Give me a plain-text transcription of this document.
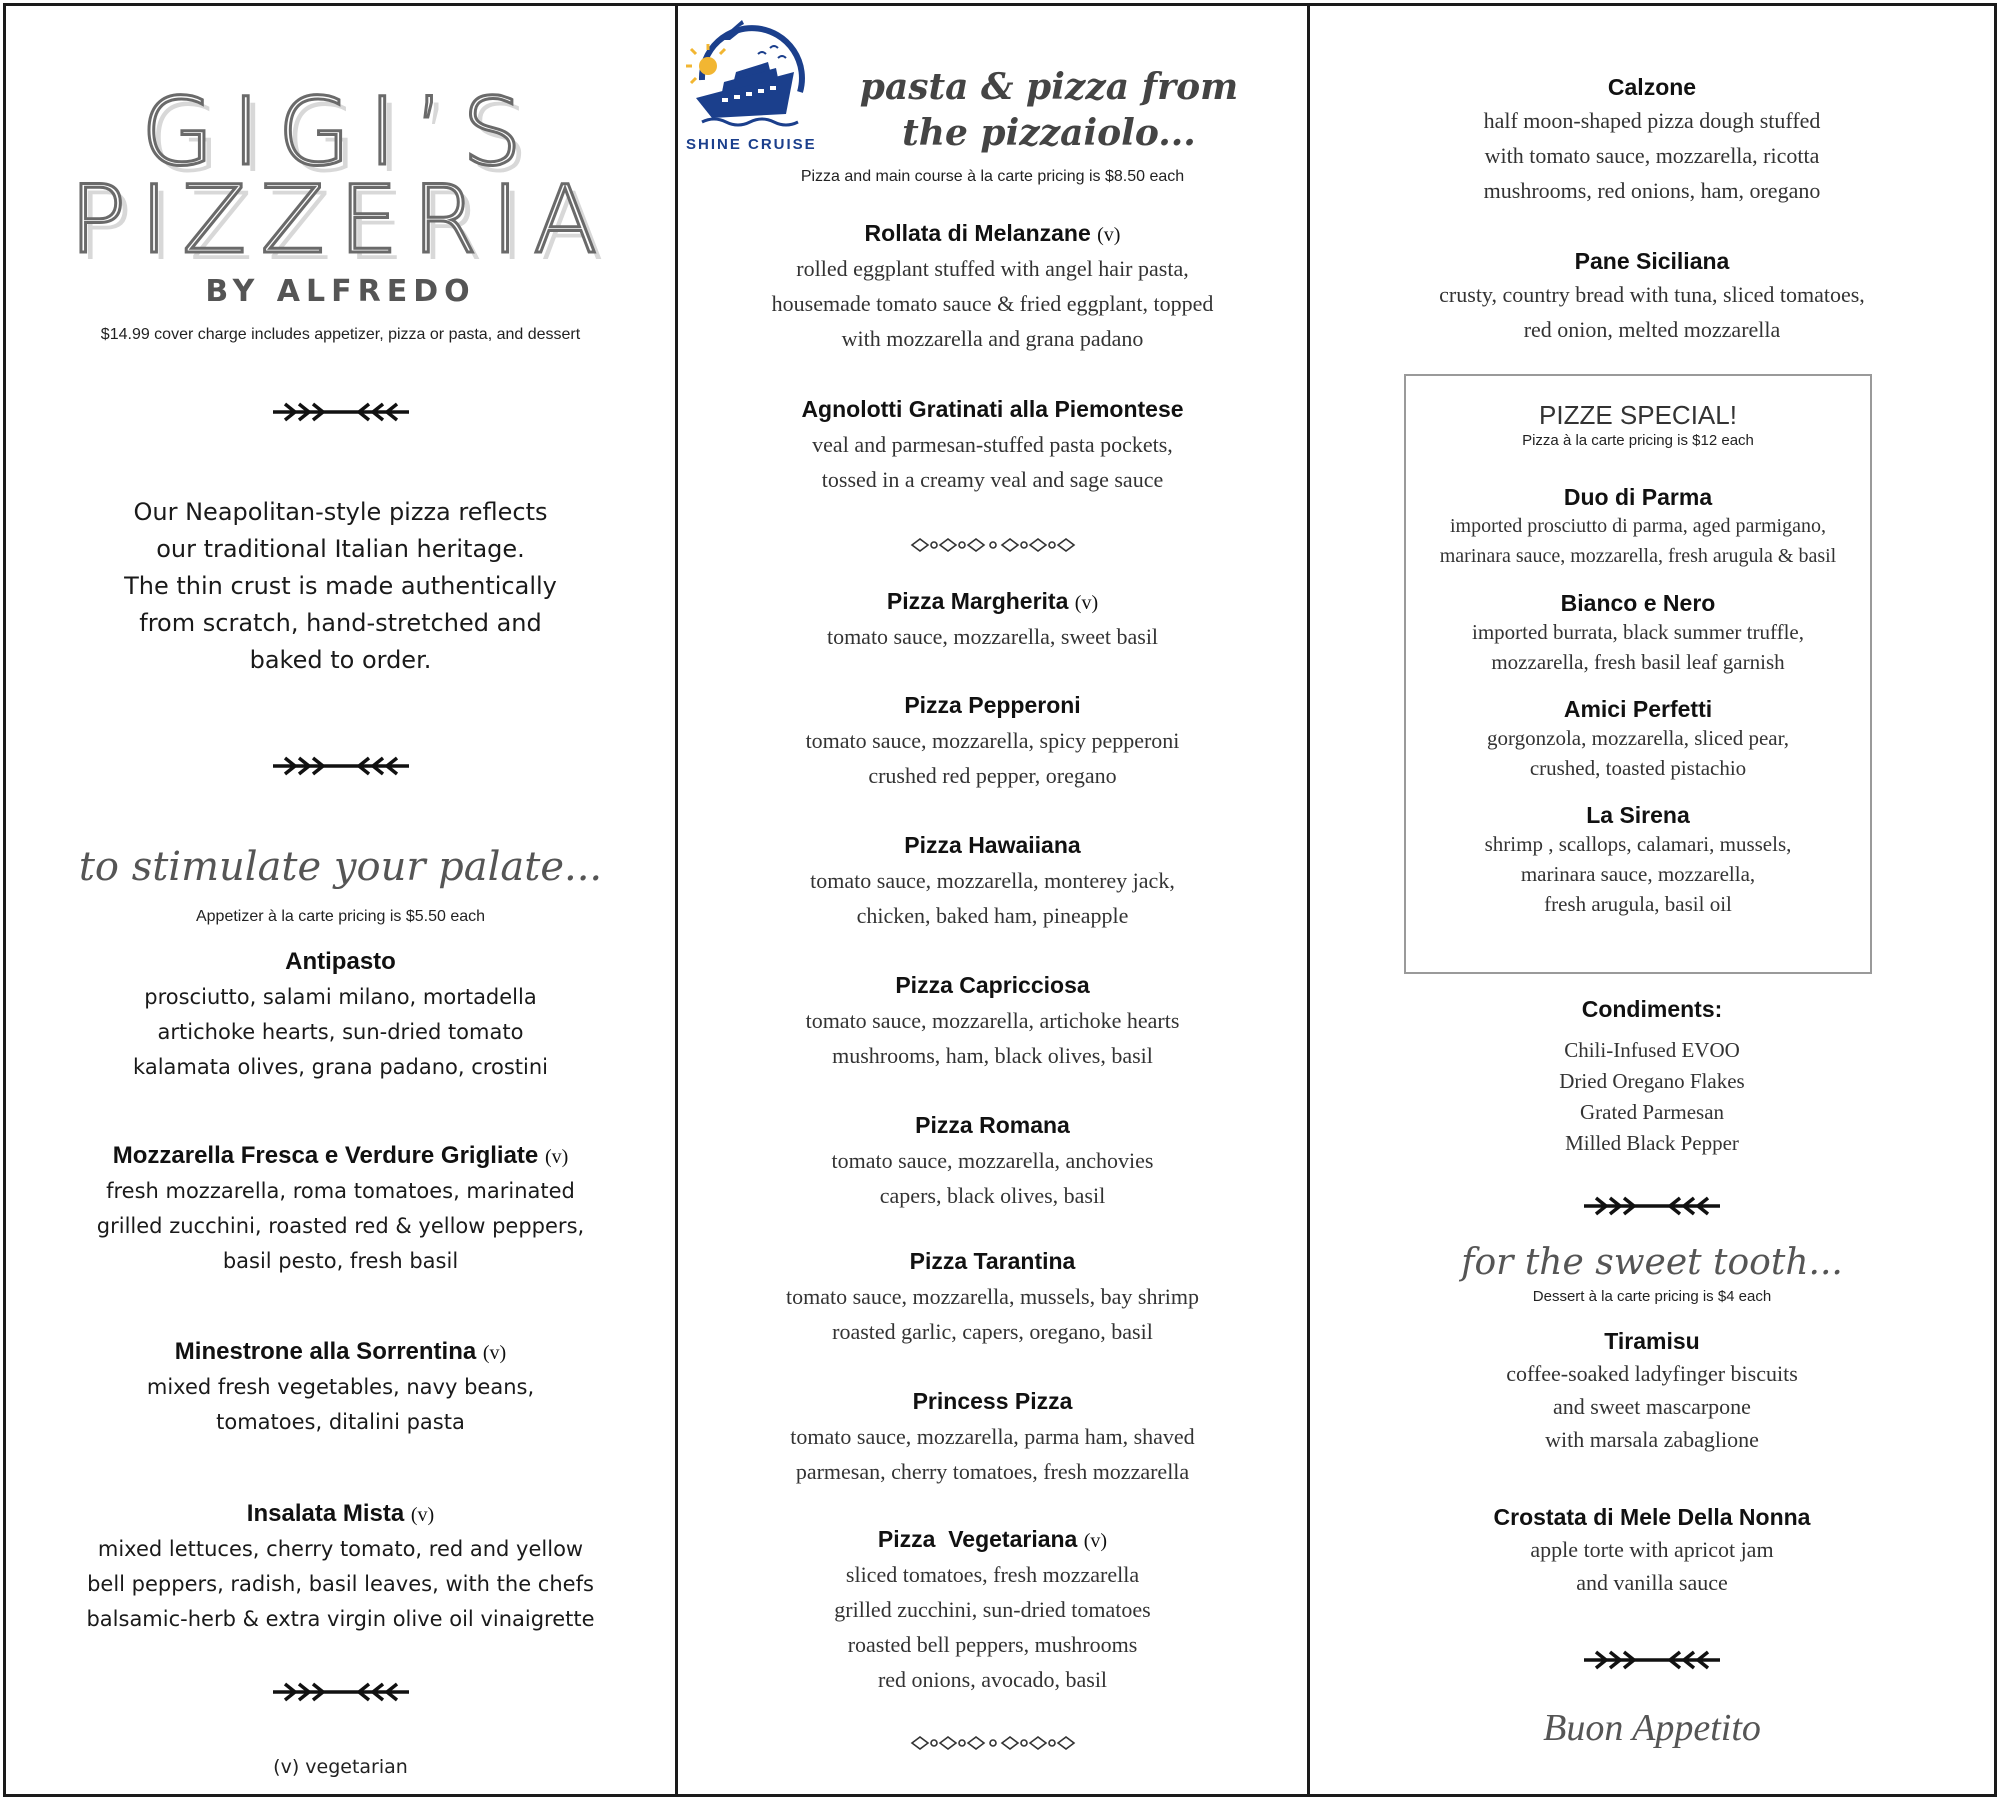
GIGI’S
PIZZERIA
BY ALFREDO
$14.99 cover charge includes appetizer, pizza or pasta, and dessert
Our Neapolitan-style pizza reflects
our traditional Italian heritage.
The thin crust is made authentically
from scratch, hand-stretched and
baked to order.
to stimulate your palate...
Appetizer à la carte pricing is $5.50 each
Antipasto
prosciutto, salami milano, mortadella
artichoke hearts, sun-dried tomato
kalamata olives, grana padano, crostini
Mozzarella Fresca e Verdure Grigliate (v)
fresh mozzarella, roma tomatoes, marinated
grilled zucchini, roasted red & yellow peppers,
basil pesto, fresh basil
Minestrone alla Sorrentina (v)
mixed fresh vegetables, navy beans,
tomatoes, ditalini pasta
Insalata Mista (v)
mixed lettuces, cherry tomato, red and yellow
bell peppers, radish, basil leaves, with the chefs
balsamic-herb & extra virgin olive oil vinaigrette
(v) vegetarian
SHINE CRUISE
pasta & pizza from
the pizzaiolo...
Pizza and main course à la carte pricing is $8.50 each
Rollata di Melanzane (v)
rolled eggplant stuffed with angel hair pasta,
housemade tomato sauce & fried eggplant, topped
with mozzarella and grana padano
Agnolotti Gratinati alla Piemontese
veal and parmesan-stuffed pasta pockets,
tossed in a creamy veal and sage sauce
Pizza Margherita (v)
tomato sauce, mozzarella, sweet basil
Pizza Pepperoni
tomato sauce, mozzarella, spicy pepperoni
crushed red pepper, oregano
Pizza Hawaiiana
tomato sauce, mozzarella, monterey jack,
chicken, baked ham, pineapple
Pizza Capricciosa
tomato sauce, mozzarella, artichoke hearts
mushrooms, ham, black olives, basil
Pizza Romana
tomato sauce, mozzarella, anchovies
capers, black olives, basil
Pizza Tarantina
tomato sauce, mozzarella, mussels, bay shrimp
roasted garlic, capers, oregano, basil
Princess Pizza
tomato sauce, mozzarella, parma ham, shaved
parmesan, cherry tomatoes, fresh mozzarella
Pizza  Vegetariana (v)
sliced tomatoes, fresh mozzarella
grilled zucchini, sun-dried tomatoes
roasted bell peppers, mushrooms
red onions, avocado, basil
Calzone
half moon-shaped pizza dough stuffed
with tomato sauce, mozzarella, ricotta
mushrooms, red onions, ham, oregano
Pane Siciliana
crusty, country bread with tuna, sliced tomatoes,
red onion, melted mozzarella
PIZZE SPECIAL!
Pizza à la carte pricing is $12 each
Duo di Parma
imported prosciutto di parma, aged parmigano,
marinara sauce, mozzarella, fresh arugula & basil
Bianco e Nero
imported burrata, black summer truffle,
mozzarella, fresh basil leaf garnish
Amici Perfetti
gorgonzola, mozzarella, sliced pear,
crushed, toasted pistachio
La Sirena
shrimp , scallops, calamari, mussels,
marinara sauce, mozzarella,
fresh arugula, basil oil
Condiments:
Chili-Infused EVOO
Dried Oregano Flakes
Grated Parmesan
Milled Black Pepper
for the sweet tooth...
Dessert à la carte pricing is $4 each
Tiramisu
coffee-soaked ladyfinger biscuits
and sweet mascarpone
with marsala zabaglione
Crostata di Mele Della Nonna
apple torte with apricot jam
and vanilla sauce
Buon Appetito
